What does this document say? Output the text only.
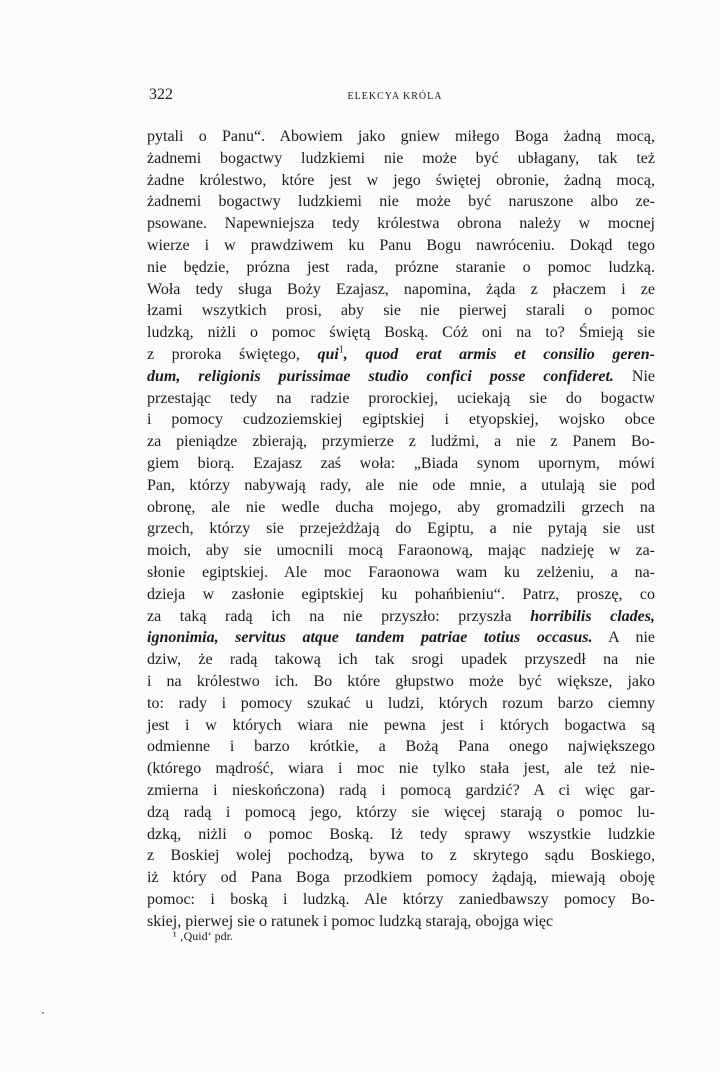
322	ELEKCYA KRÓLA
pytali o Panu“. Abowiem jako gniew miłego Boga żadną mocą,
żadnemi bogactwy ludzkiemi nie może być ubłagany, tak też
żadne królestwo, które jest w jego świętej obronie, żadną mocą,
żadnemi bogactwy ludzkiemi nie może być naruszone albo ze-
psowane. Napewniejsza tedy królestwa obrona należy w mocnej
wierze i w prawdziwem ku Panu Bogu nawróceniu. Dokąd tego
nie będzie, prózna jest rada, prózne staranie o pomoc ludzką.
Woła tedy sługa Boży Ezajasz, napomina, żąda z płaczem i ze
łzami wszytkich prosi, aby sie nie pierwej starali o pomoc
ludzką, niżli o pomoc świętą Boską. Cóż oni na to? Śmieją sie
z proroka świętego, qui$^1$, quod erat armis et consilio geren-
dum, religionis purissimae studio confici posse confideret. Nie
przestając tedy na radzie prorockiej, uciekają sie do bogactw
i pomocy cudzoziemskiej egiptskiej i etyopskiej, wojsko obce
za pieniądze zbierają, przymierze z ludźmi, a nie z Panem Bo-
giem biorą. Ezajasz zaś woła: „Biada synom upornym, mówi
Pan, którzy nabywają rady, ale nie ode mnie, a utulają sie pod
obronę, ale nie wedle ducha mojego, aby gromadzili grzech na
grzech, którzy sie przejeżdżają do Egiptu, a nie pytają sie ust
moich, aby sie umocnili mocą Faraonową, mając nadzieję w za-
słonie egiptskiej. Ale moc Faraonowa wam ku zelżeniu, a na-
dzieja w zasłonie egiptskiej ku pohańbieniu“. Patrz, proszę, co
za taką radą ich na nie przyszło: przyszła horribilis clades,
ignonimia, servitus atque tandem patriae totius occasus. A nie
dziw, że radą takową ich tak srogi upadek przyszedł na nie
i na królestwo ich. Bo które głupstwo może być większe, jako
to: rady i pomocy szukać u ludzi, których rozum barzo ciemny
jest i w których wiara nie pewna jest i których bogactwa są
odmienne i barzo krótkie, a Bożą Pana onego największego
(którego mądrość, wiara i moc nie tylko stała jest, ale też nie-
zmierna i nieskończona) radą i pomocą gardzić? A ci więc gar-
dzą radą i pomocą jego, którzy sie więcej starają o pomoc lu-
dzką, niżli o pomoc Boską. Iż tedy sprawy wszystkie ludzkie
z Boskiej wolej pochodzą, bywa to z skrytego sądu Boskiego,
iż który od Pana Boga przodkiem pomocy żądają, miewają oboję
pomoc: i boską i ludzką. Ale którzy zaniedbawszy pomocy Bo-
skiej, pierwej sie o ratunek i pomoc ludzką starają, obojga więc
¹ ‚Quid‘ pdr.
